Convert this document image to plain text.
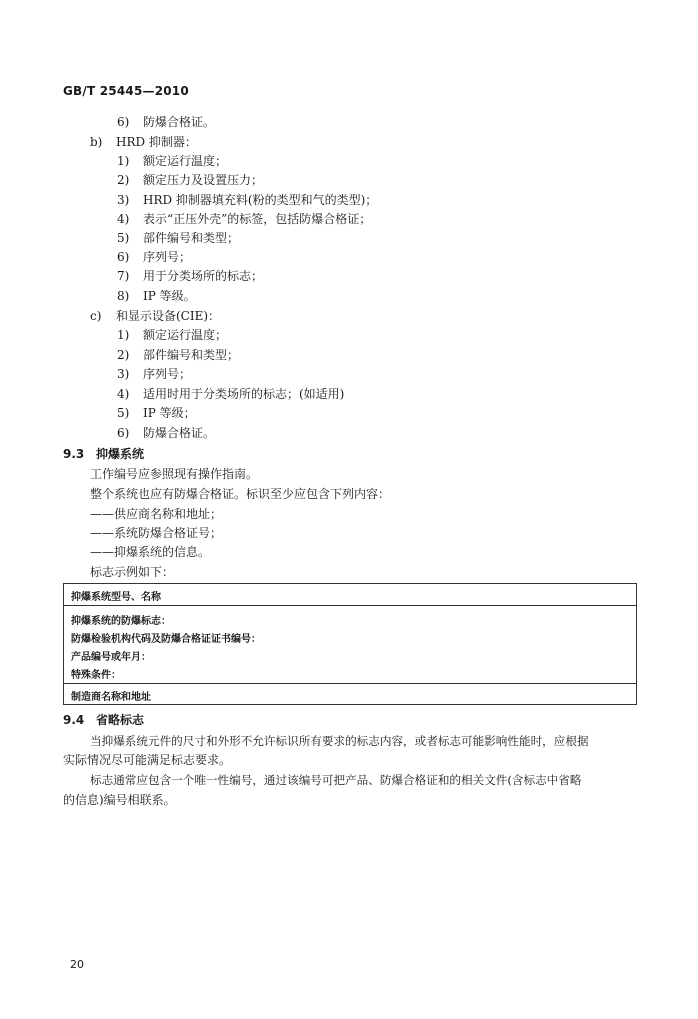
GB/T 25445—2010
6) 防爆合格证。
b) HRD 抑制器：
1) 额定运行温度；
2) 额定压力及设置压力；
3) HRD 抑制器填充料(粉的类型和气的类型)；
4) 表示“正压外壳”的标签，包括防爆合格证；
5) 部件编号和类型；
6) 序列号；
7) 用于分类场所的标志；
8) IP 等级。
c) 和显示设备(CIE)：
1) 额定运行温度；
2) 部件编号和类型；
3) 序列号；
4) 适用时用于分类场所的标志；(如适用)
5) IP 等级；
6) 防爆合格证。
9.3 抑爆系统
工作编号应参照现有操作指南。
整个系统也应有防爆合格证。标识至少应包含下列内容：
——供应商名称和地址；
——系统防爆合格证号；
——抑爆系统的信息。
标志示例如下：
抑爆系统型号、名称
抑爆系统的防爆标志：
防爆检验机构代码及防爆合格证证书编号：
产品编号或年月：
特殊条件：
制造商名称和地址
9.4 省略标志
当抑爆系统元件的尺寸和外形不允许标识所有要求的标志内容，或者标志可能影响性能时，应根据
实际情况尽可能满足标志要求。
标志通常应包含一个唯一性编号，通过该编号可把产品、防爆合格证和的相关文件(含标志中省略
的信息)编号相联系。
20
